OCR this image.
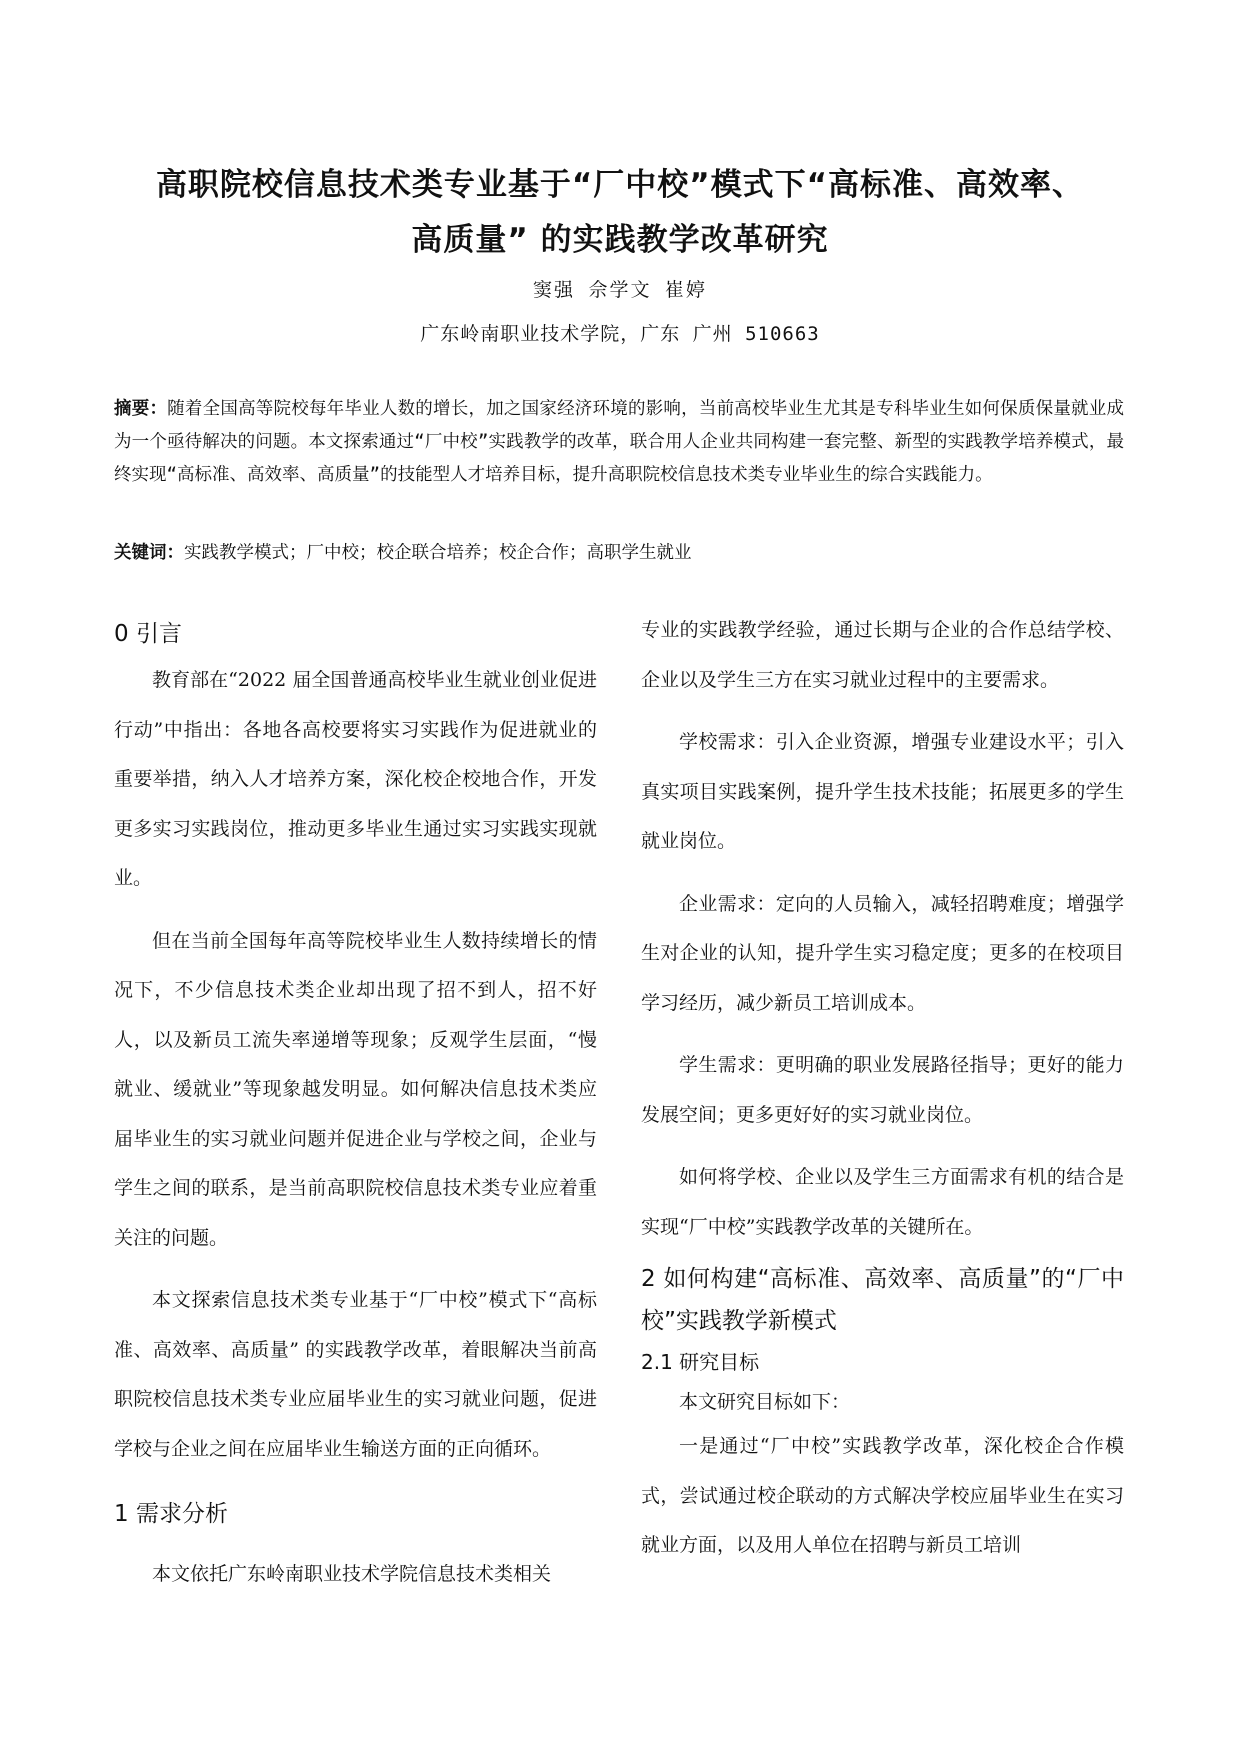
高职院校信息技术类专业基于“厂中校”模式下“高标准、高效率、
高质量” 的实践教学改革研究
窦强 佘学文 崔婷
广东岭南职业技术学院，广东 广州 510663
摘要：随着全国高等院校每年毕业人数的增长，加之国家经济环境的影响，当前高校毕业生尤其是专科毕业生如何保质保量就业成为一个亟待解决的问题。本文探索通过“厂中校”实践教学的改革，联合用人企业共同构建一套完整、新型的实践教学培养模式，最终实现“高标准、高效率、高质量”的技能型人才培养目标，提升高职院校信息技术类专业毕业生的综合实践能力。
关键词：实践教学模式；厂中校；校企联合培养；校企合作；高职学生就业
0 引言

教育部在“2022 届全国普通高校毕业生就业创业促进行动”中指出：各地各高校要将实习实践作为促进就业的重要举措，纳入人才培养方案，深化校企校地合作，开发更多实习实践岗位，推动更多毕业生通过实习实践实现就业。

但在当前全国每年高等院校毕业生人数持续增长的情况下，不少信息技术类企业却出现了招不到人，招不好人，以及新员工流失率递增等现象；反观学生层面，“慢就业、缓就业”等现象越发明显。如何解决信息技术类应届毕业生的实习就业问题并促进企业与学校之间，企业与学生之间的联系，是当前高职院校信息技术类专业应着重关注的问题。

本文探索信息技术类专业基于“厂中校”模式下“高标准、高效率、高质量” 的实践教学改革，着眼解决当前高职院校信息技术类专业应届毕业生的实习就业问题，促进学校与企业之间在应届毕业生输送方面的正向循环。

1 需求分析

本文依托广东岭南职业技术学院信息技术类相关

专业的实践教学经验，通过长期与企业的合作总结学校、企业以及学生三方在实习就业过程中的主要需求。

学校需求：引入企业资源，增强专业建设水平；引入真实项目实践案例，提升学生技术技能；拓展更多的学生就业岗位。

企业需求：定向的人员输入，减轻招聘难度；增强学生对企业的认知，提升学生实习稳定度；更多的在校项目学习经历，减少新员工培训成本。

学生需求：更明确的职业发展路径指导；更好的能力发展空间；更多更好好的实习就业岗位。

如何将学校、企业以及学生三方面需求有机的结合是实现“厂中校”实践教学改革的关键所在。

2 如何构建“高标准、高效率、高质量”的“厂中校”实践教学新模式
2.1 研究目标

本文研究目标如下：

一是通过“厂中校”实践教学改革，深化校企合作模式，尝试通过校企联动的方式解决学校应届毕业生在实习就业方面，以及用人单位在招聘与新员工培训
